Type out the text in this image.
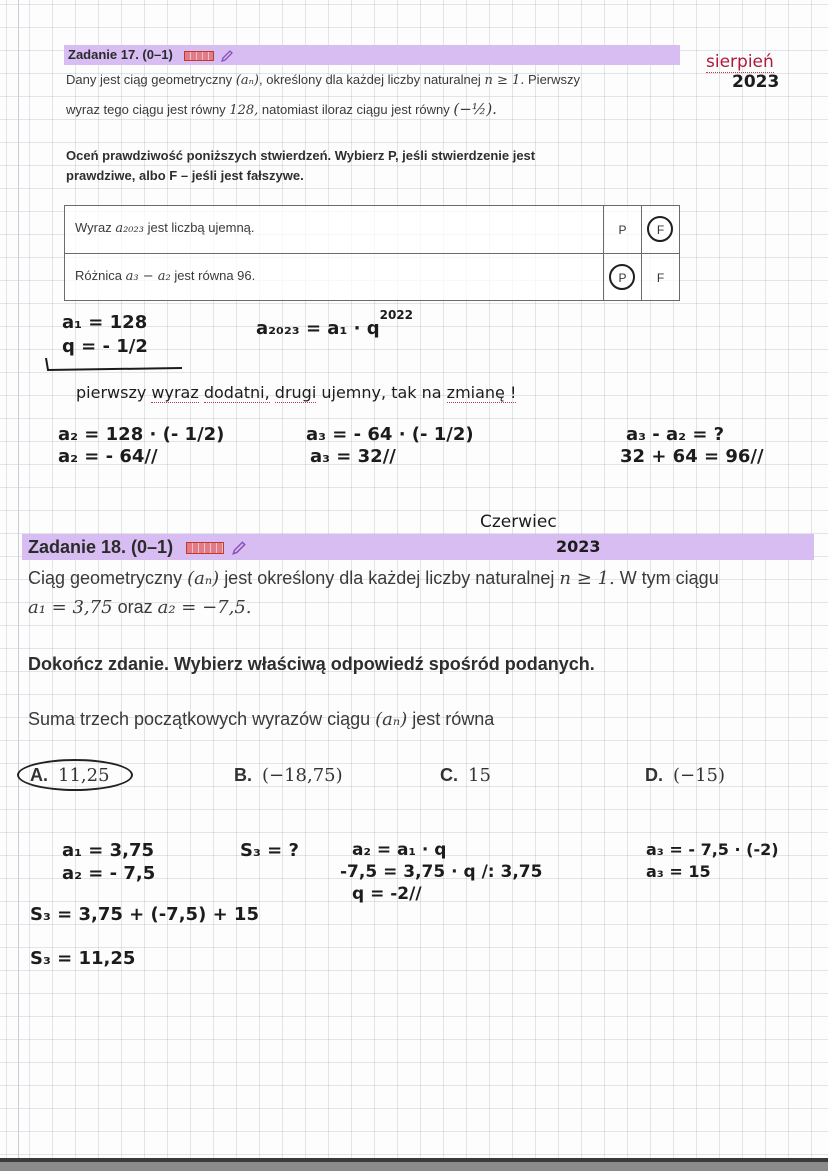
Zadanie 17. (0–1)
Dany jest ciąg geometryczny (aₙ), określony dla każdej liczby naturalnej n ≥ 1. Pierwszy
wyraz tego ciągu jest równy 128, natomiast iloraz ciągu jest równy (−½).
Oceń prawdziwość poniższych stwierdzeń. Wybierz P, jeśli stwierdzenie jest
prawdziwe, albo F – jeśli jest fałszywe.
Wyraz a₂₀₂₃ jest liczbą ujemną.	P	F
Różnica a₃ − a₂ jest równa 96.	P	F
sierpień
2023
a₁ = 128
q = - 1/2
$a_{2023} = a_1 \cdot q^{2022}$
pierwszy wyraz dodatni, drugi ujemny, tak na zmianę !
a₂ = 128 · (- 1/2)
a₂ = - 64//
a₃ = - 64 · (- 1/2)
a₃ = 32//
a₃ - a₂ = ?
32 + 64 = 96//
Czerwiec
2023
Zadanie 18. (0–1)
Ciąg geometryczny (aₙ) jest określony dla każdej liczby naturalnej n ≥ 1. W tym ciągu
a₁ = 3,75 oraz a₂ = −7,5.
Dokończ zdanie. Wybierz właściwą odpowiedź spośród podanych.
Suma trzech początkowych wyrazów ciągu (aₙ) jest równa
A. 11,25	B. (−18,75)	C. 15	D. (−15)
a₁ = 3,75
a₂ = - 7,5
S₃ = ?	a₂ = a₁ · q
-7,5 = 3,75 · q /: 3,75
q = -2//
a₃ = - 7,5 · (-2)
a₃ = 15
S₃ = 3,75 + (-7,5) + 15
S₃ = 11,25
